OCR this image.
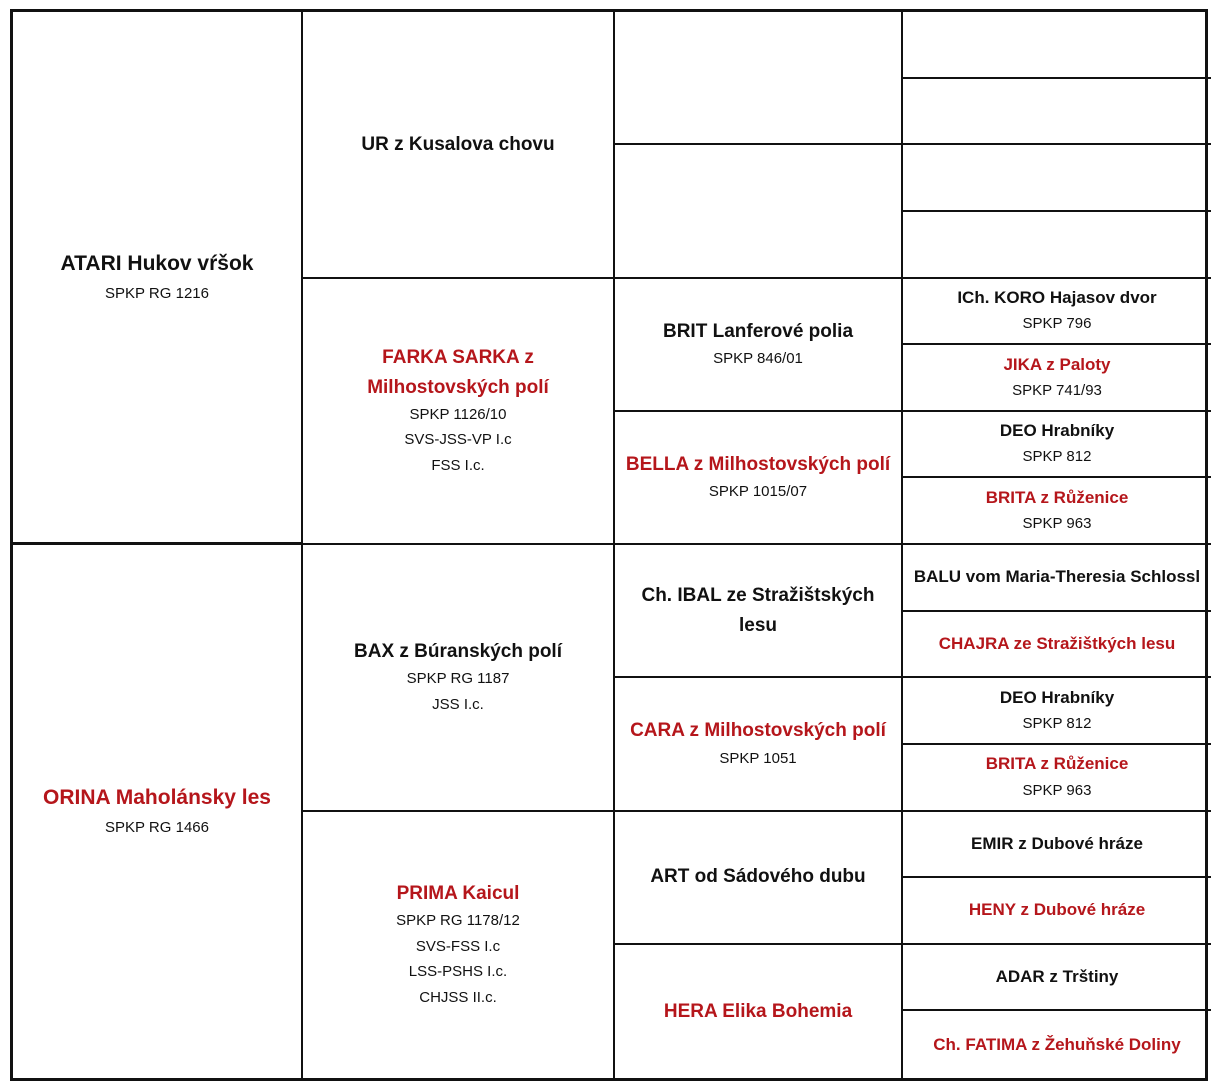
ATARI Hukov vŕšok
SPKP RG 1216
ORINA Maholánsky les
SPKP RG 1466
UR z Kusalova chovu
FARKA SARKA z Milhostovských polí
SPKP 1126/10
SVS-JSS-VP I.c
FSS I.c.
BAX z Búranských polí
SPKP RG 1187
JSS I.c.
PRIMA Kaicul
SPKP RG 1178/12
SVS-FSS I.c
LSS-PSHS I.c.
CHJSS II.c.
BRIT Lanferové polia
SPKP 846/01
BELLA z Milhostovských polí
SPKP 1015/07
Ch. IBAL ze Stražištských lesu
CARA z Milhostovských polí
SPKP 1051
ART od Sádového dubu
HERA Elika Bohemia
ICh. KORO Hajasov dvor
SPKP 796
JIKA z Paloty
SPKP 741/93
DEO Hrabníky
SPKP 812
BRITA z Růženice
SPKP 963
BALU vom Maria-Theresia Schlossl
CHAJRA ze Stražištkých lesu
DEO Hrabníky
SPKP 812
BRITA z Růženice
SPKP 963
EMIR z Dubové hráze
HENY z Dubové hráze
ADAR z Trštiny
Ch. FATIMA z Žehuňské Doliny
